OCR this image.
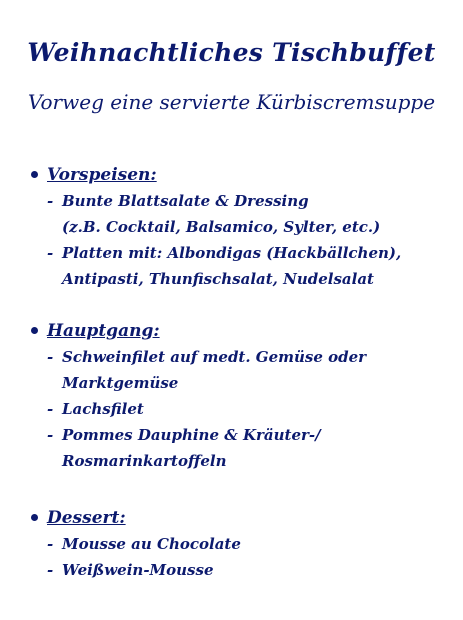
Weihnachtliches Tischbuffet
Vorweg eine servierte Kürbiscremsuppe
Vorspeisen:
- Bunte Blattsalate & Dressing
(z.B. Cocktail, Balsamico, Sylter, etc.)
- Platten mit: Albondigas (Hackbällchen),
Antipasti, Thunfischsalat, Nudelsalat
Hauptgang:
- Schweinfilet auf medt. Gemüse oder
Marktgemüse
- Lachsfilet
- Pommes Dauphine & Kräuter-/
Rosmarinkartoffeln
Dessert:
- Mousse au Chocolate
- Weißwein-Mousse
